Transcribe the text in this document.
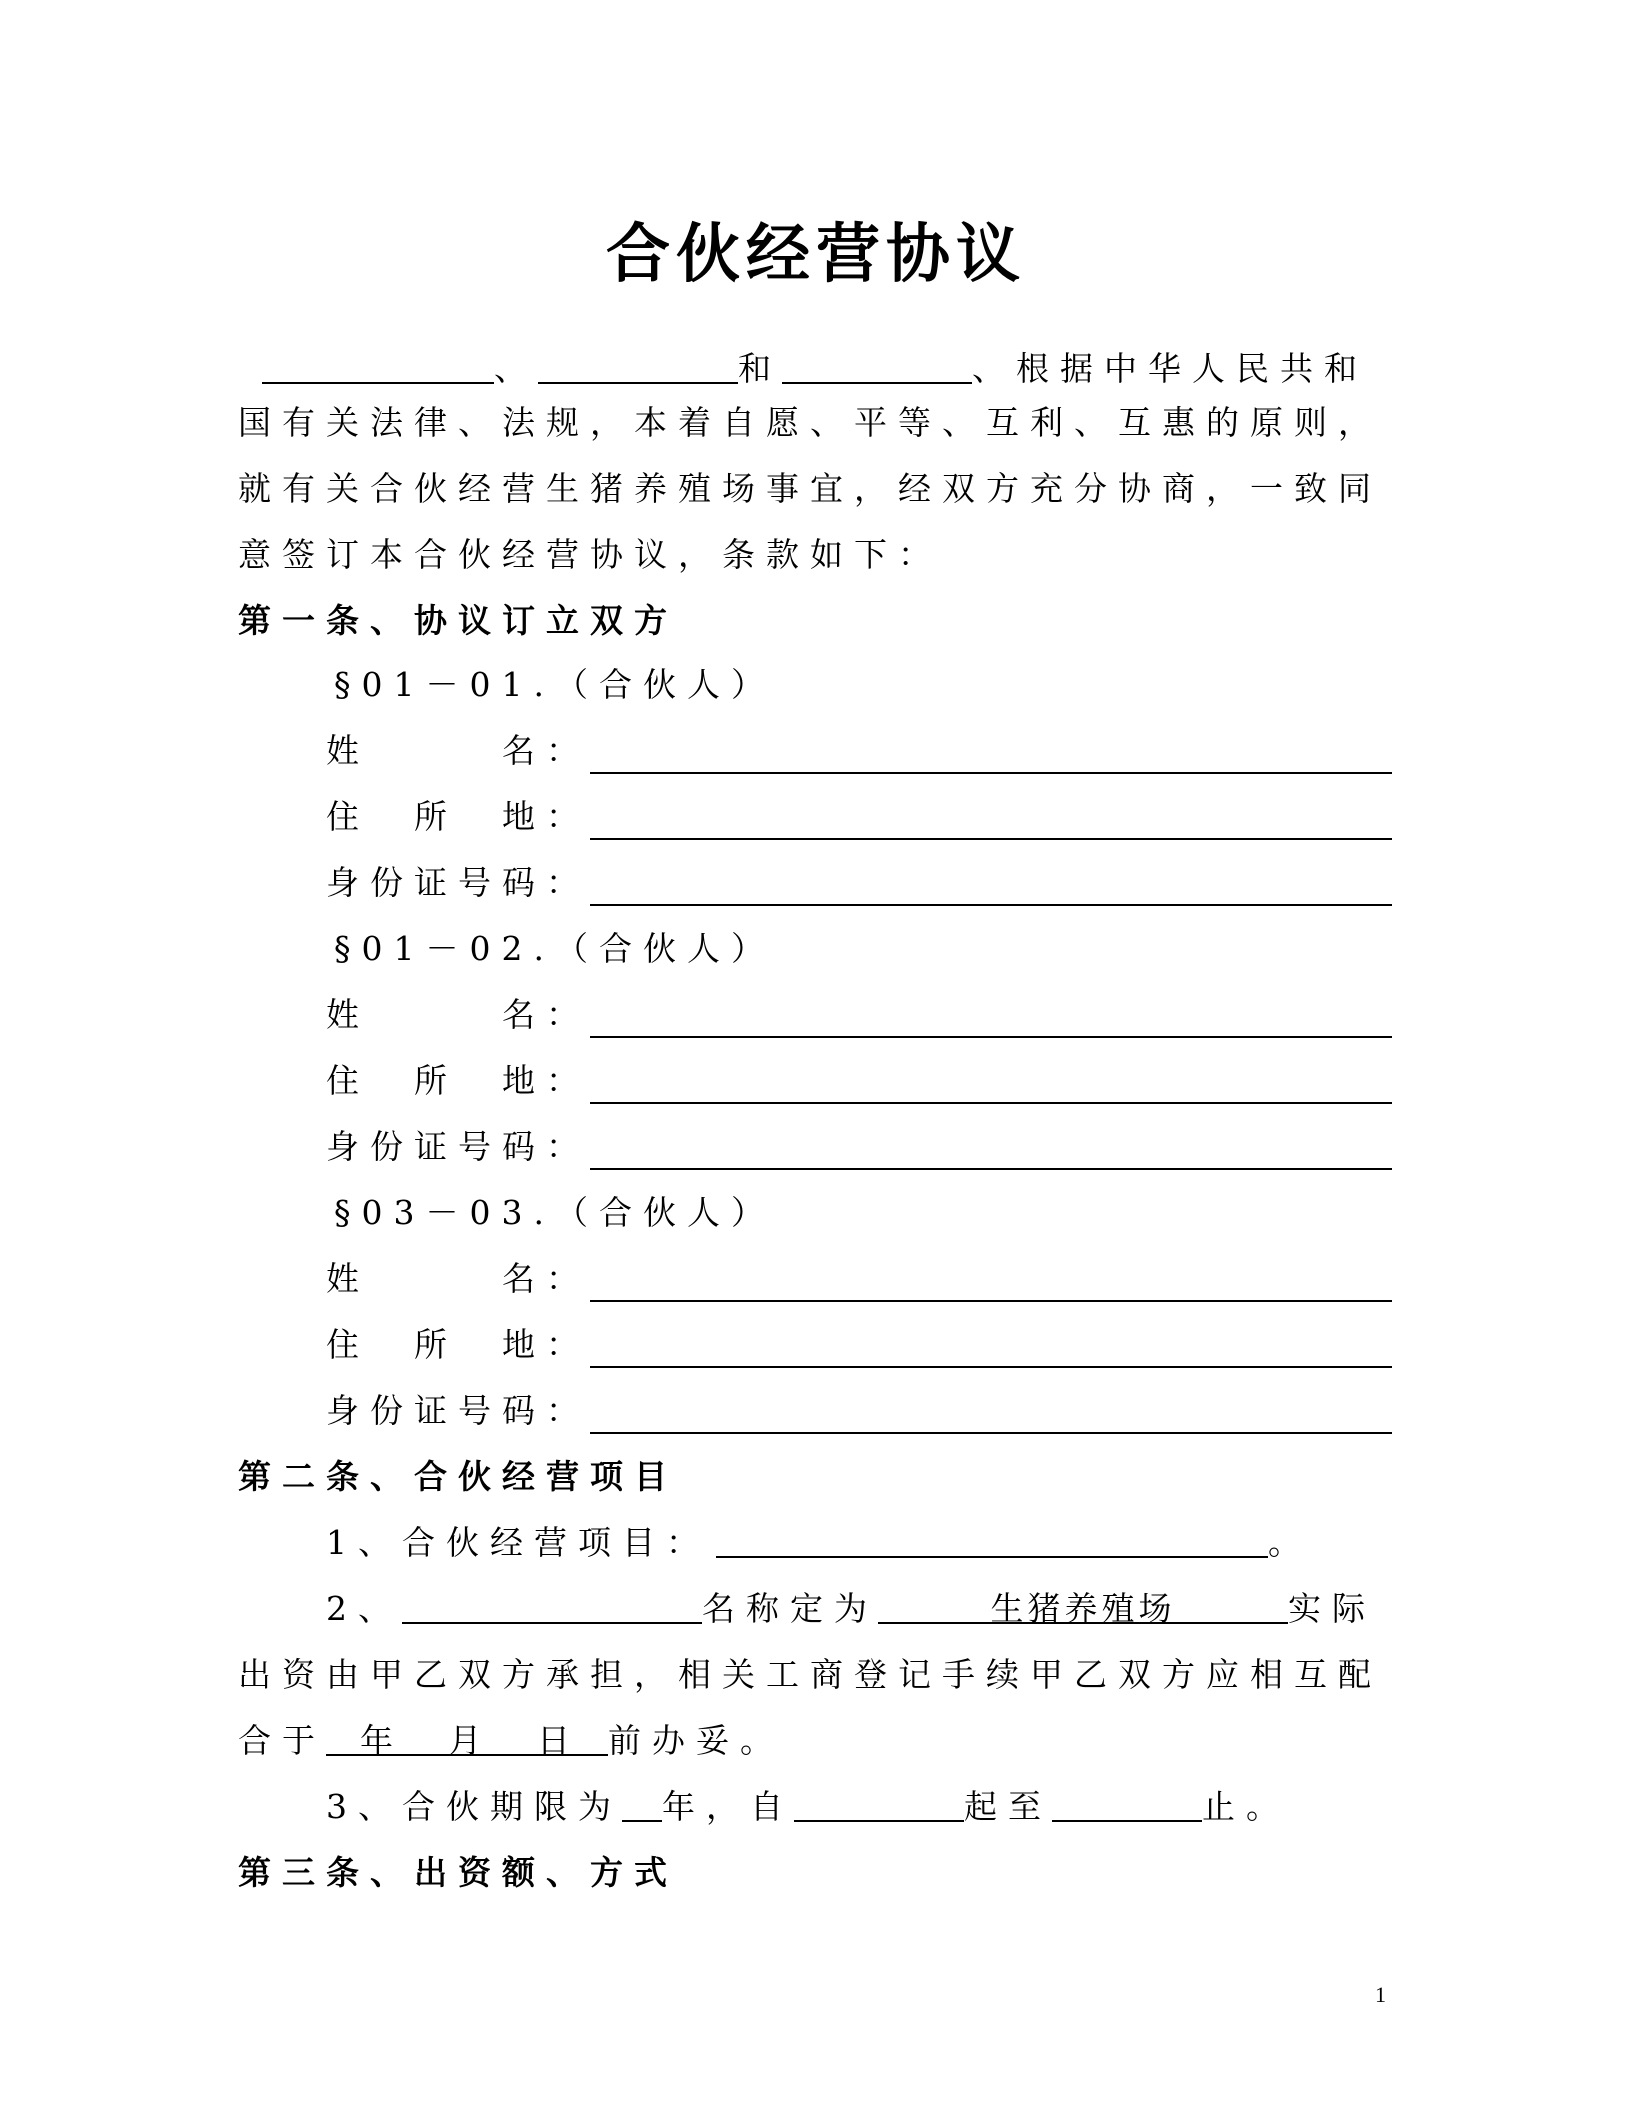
合伙经营协议
、	和	、根据中华人民共和
国有关法律、法规，本着自愿、平等、互利、互惠的原则，
就有关合伙经营生猪养殖场事宜，经双方充分协商，一致同
意签订本合伙经营协议，条款如下：
第一条、协议订立双方
§01－01.（合伙人）
姓　　　名：
住　所　地：
身份证号码：
§01－02.（合伙人）
姓　　　名：
住　所　地：
身份证号码：
§03－03.（合伙人）
姓　　　名：
住　所　地：
身份证号码：
第二条、合伙经营项目
1、合伙经营项目：	。
2、	名称定为	生猪养殖场	实际
出资由甲乙双方承担，相关工商登记手续甲乙双方应相互配
合于 年　 月　 日 前办妥。
3、合伙期限为 年，自	起至	止。
第三条、出资额、方式
1
